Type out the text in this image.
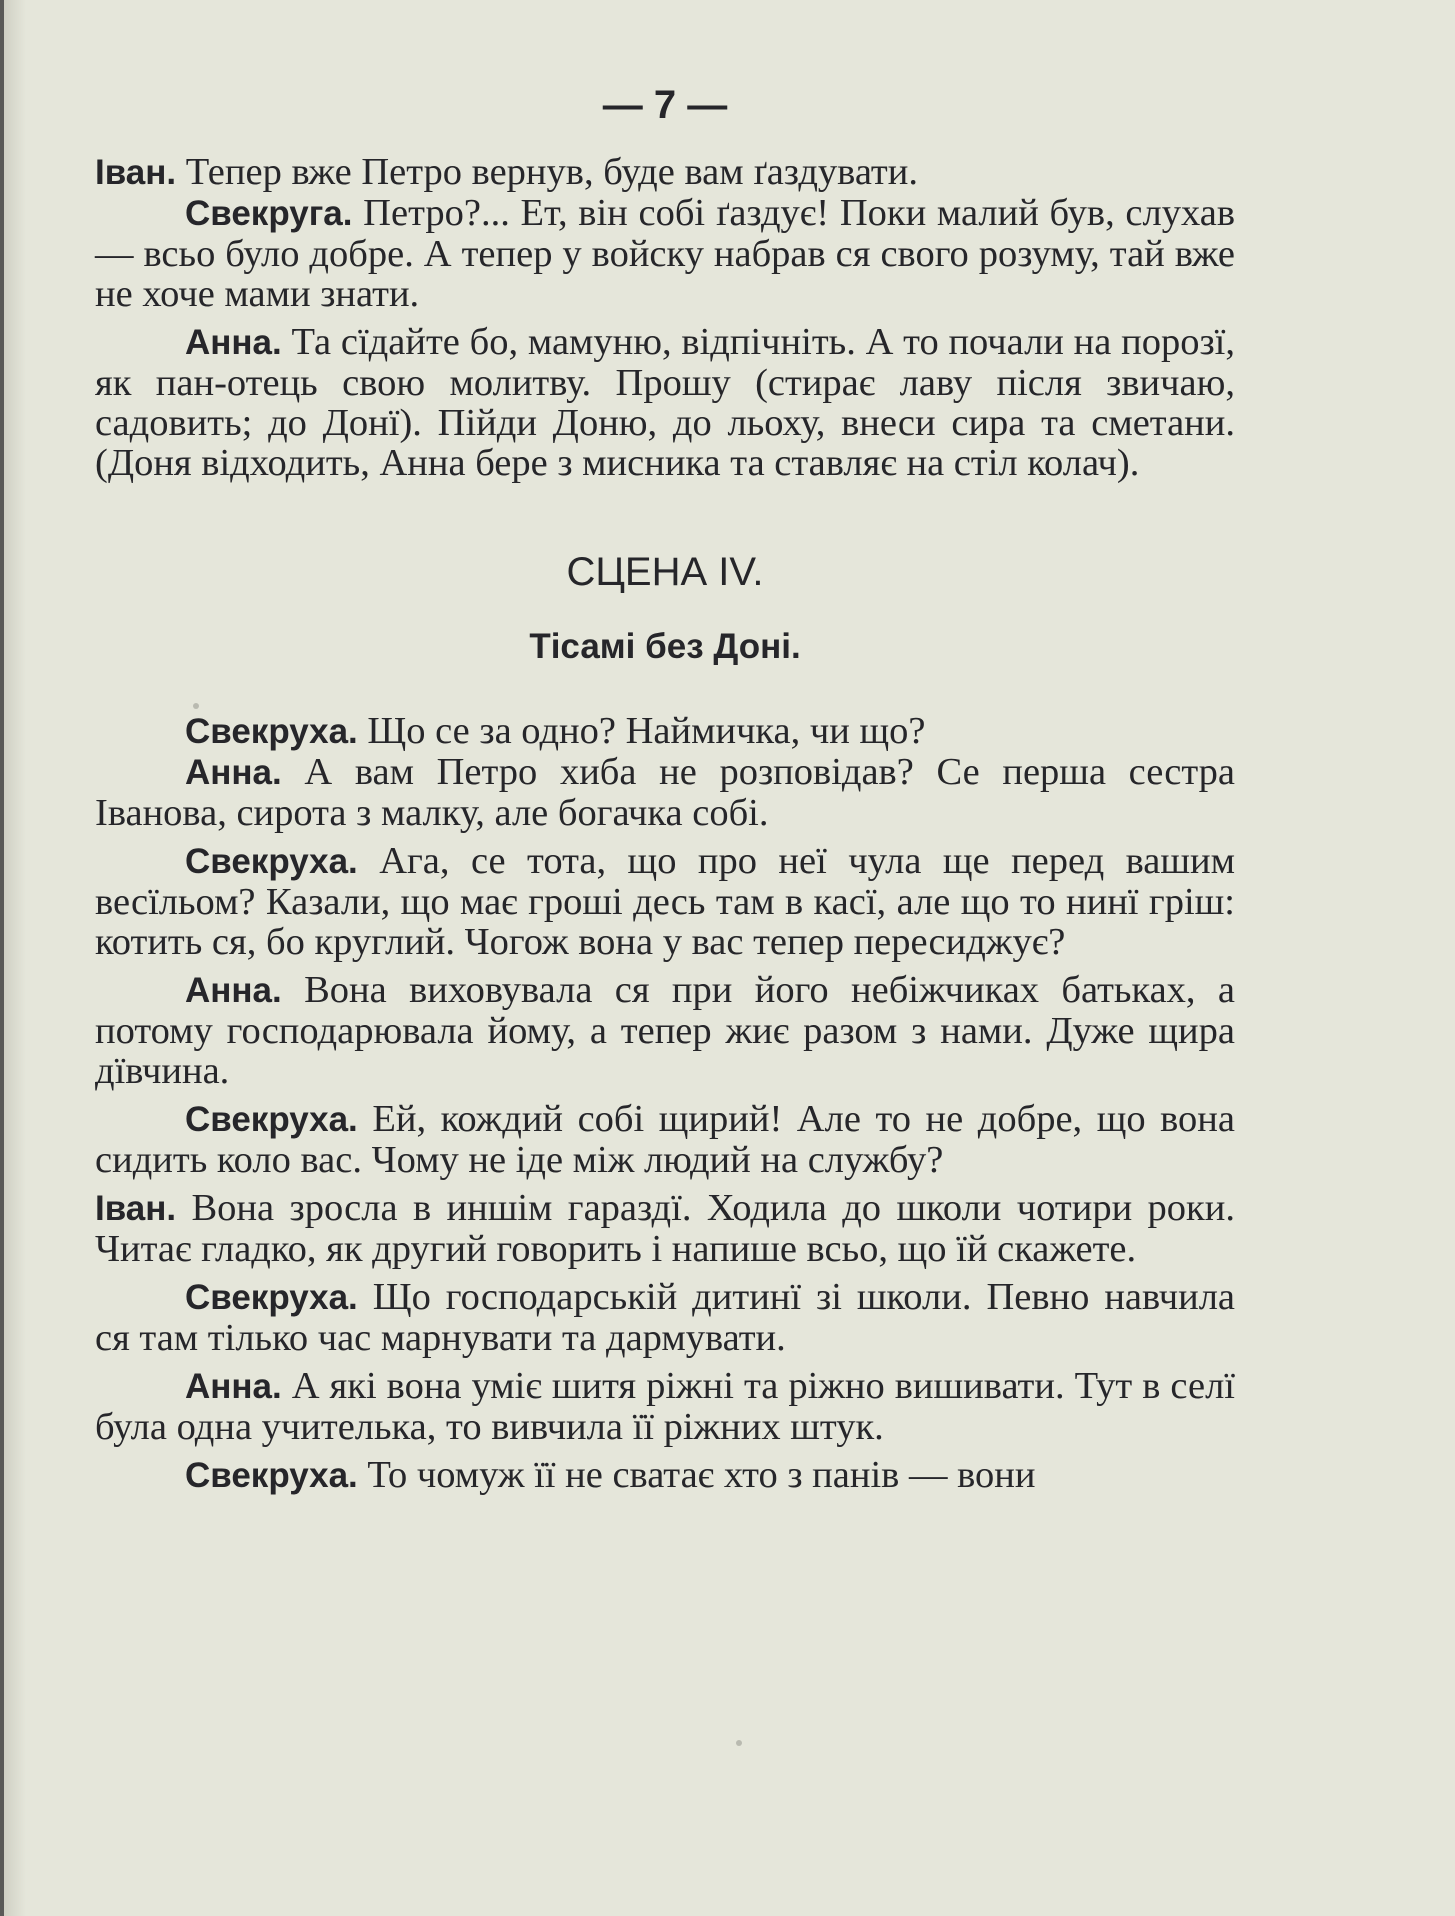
— 7 —

Іван. Тепер вже Петро вернув, буде вам ґаздувати.

Свекруга. Петро?... Ет, він собі ґаздує! Поки малий був, слухав — всьо було добре. А тепер у войску набрав ся свого розуму, тай вже не хоче мами знати.

Анна. Та сїдайте бо, мамуню, відпічніть. А то почали на порозї, як пан-отець свою молитву. Прошу (стирає лаву після звичаю, садовить; до Донї). Пійди Доню, до льоху, внеси сира та сметани. (Доня відходить, Анна бере з мисника та ставляє на стіл колач).

СЦЕНА IV.
Тісамі без Доні.

Свекруха. Що се за одно? Наймичка, чи що?

Анна. А вам Петро хиба не розповідав? Се перша сестра Іванова, сирота з малку, але богачка собі.

Свекруха. Ага, се тота, що про неї чула ще перед вашим весїльом? Казали, що має гроші десь там в касї, але що то нинї гріш: котить ся, бо круглий. Чогож вона у вас тепер пересиджує?

Анна. Вона виховувала ся при його небіжчиках батьках, а потому господарювала йому, а тепер жиє разом з нами. Дуже щира дївчина.

Свекруха. Ей, кождий собі щирий! Але то не добре, що вона сидить коло вас. Чому не іде між людий на службу?

Іван. Вона зросла в иншім гараздї. Ходила до школи чотири роки. Читає гладко, як другий говорить і напише всьо, що їй скажете.

Свекруха. Що господарській дитинї зі школи. Певно навчила ся там тілько час марнувати та дармувати.

Анна. А які вона уміє шитя ріжні та ріжно вишивати. Тут в селї була одна учителька, то вивчила її ріжних штук.

Свекруха. То чомуж її не сватає хто з панів — вони
